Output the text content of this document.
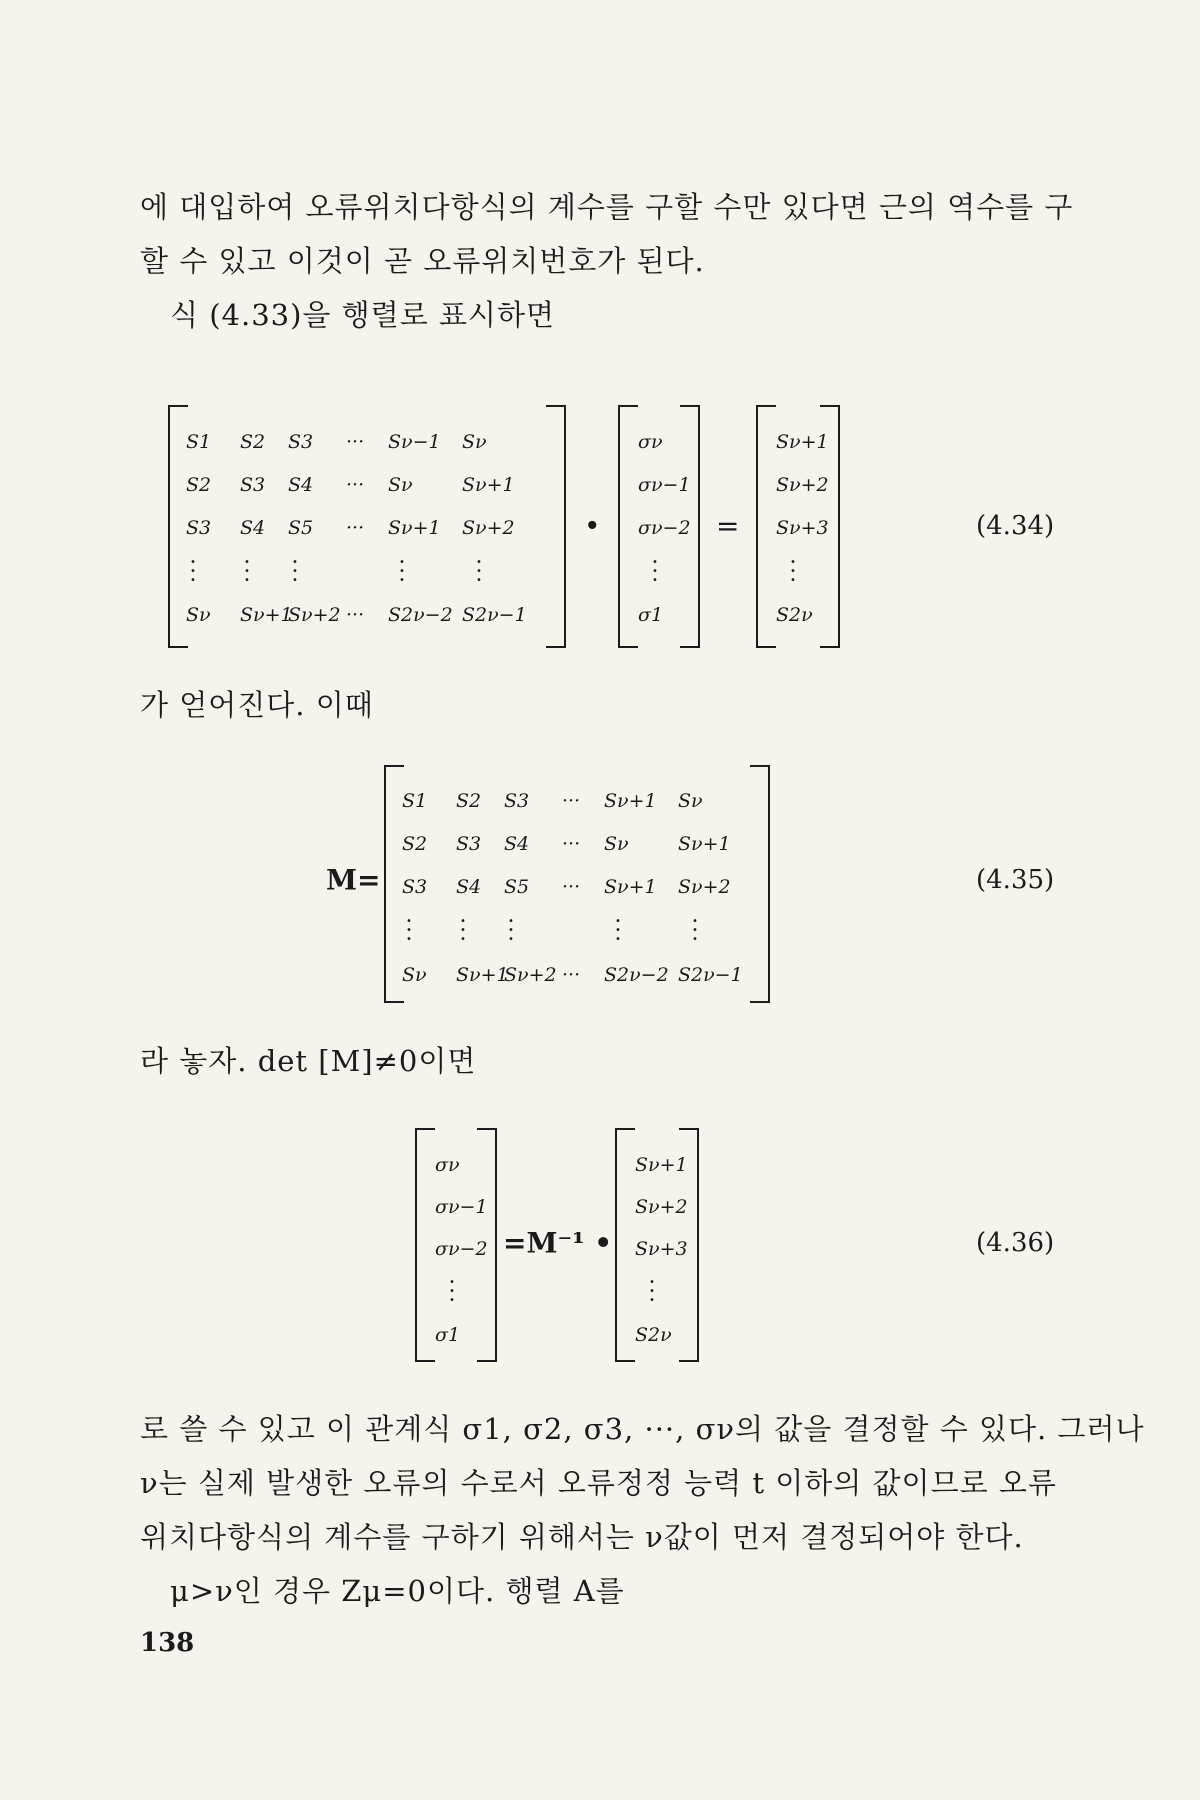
에 대입하여 오류위치다항식의 계수를 구할 수만 있다면 근의 역수를 구
할 수 있고 이것이 곧 오류위치번호가 된다.
식 (4.33)을 행렬로 표시하면
S1 S2 S3 ··· Sν−1 Sν
S2 S3 S4 ··· Sν	Sν+1
S3 S4 S5 ··· Sν+1 Sν+2
Sν Sν+1
Sν+2 ··· S2ν−2 S2ν−1
· · ·
· · ·
· · ·
· · ·
· · ·
•
σν
σν−1
σν−2
σ1
· · ·
=
Sν+1
Sν+2
Sν+3
S2ν
· · ·
(4.34)
가 얻어진다. 이때
M=
S1 S2 S3 ··· Sν+1 Sν
S2 S3 S4 ··· Sν	Sν+1
S3 S4 S5 ··· Sν+1 Sν+2
Sν Sν+1
Sν+2 ··· S2ν−2 S2ν−1
· · ·
· · ·
· · ·
· · ·
· · ·
(4.35)
라 놓자. det [M]≠0이면
σν
σν−1
σν−2
σ1
· · ·
=M⁻¹ •
Sν+1
Sν+2
Sν+3
S2ν
· · ·
(4.36)
로 쓸 수 있고 이 관계식 σ1, σ2, σ3, ···, σν의 값을 결정할 수 있다. 그러나
ν는 실제 발생한 오류의 수로서 오류정정 능력 t 이하의 값이므로 오류
위치다항식의 계수를 구하기 위해서는 ν값이 먼저 결정되어야 한다.
μ>ν인 경우 Zμ=0이다. 행렬 A를
138
